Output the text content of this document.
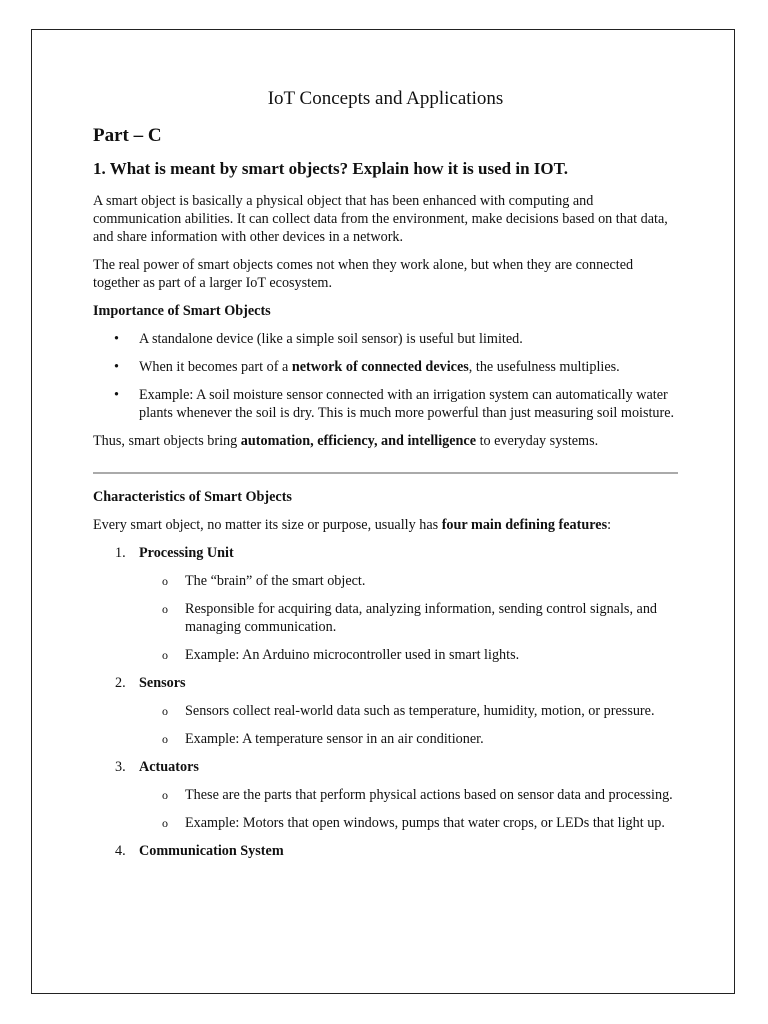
IoT Concepts and Applications
Part – C
1. What is meant by smart objects? Explain how it is used in IOT.

A smart object is basically a physical object that has been enhanced with computing and communication abilities. It can collect data from the environment, make decisions based on that data, and share information with other devices in a network.

The real power of smart objects comes not when they work alone, but when they are connected together as part of a larger IoT ecosystem.

Importance of Smart Objects
• A standalone device (like a simple soil sensor) is useful but limited.
• When it becomes part of a network of connected devices, the usefulness multiplies.
• Example: A soil moisture sensor connected with an irrigation system can automatically water plants whenever the soil is dry. This is much more powerful than just measuring soil moisture.

Thus, smart objects bring automation, efficiency, and intelligence to everyday systems.

Characteristics of Smart Objects

Every smart object, no matter its size or purpose, usually has four main defining features:

1. Processing Unit
o The “brain” of the smart object.
o Responsible for acquiring data, analyzing information, sending control signals, and managing communication.
o Example: An Arduino microcontroller used in smart lights.
2. Sensors
o Sensors collect real-world data such as temperature, humidity, motion, or pressure.
o Example: A temperature sensor in an air conditioner.
3. Actuators
o These are the parts that perform physical actions based on sensor data and processing.
o Example: Motors that open windows, pumps that water crops, or LEDs that light up.
4. Communication System
